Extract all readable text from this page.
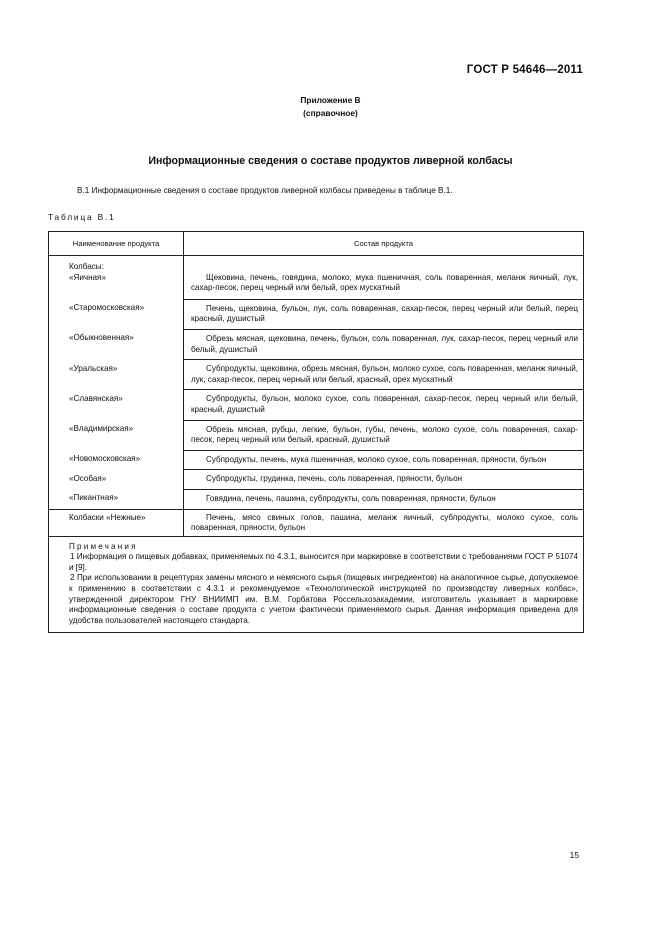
ГОСТ Р 54646—2011
Приложение В
(справочное)
Информационные сведения о составе продуктов ливерной колбасы
В.1 Информационные сведения о составе продуктов ливерной колбасы приведены в таблице В.1.
Таблица В.1
Наименование продукта	Состав продукта
Колбасы:	
«Яичная»	Щековина, печень, говядина, молоко, мука пшеничная, соль поваренная, меланж яичный, лук, сахар-песок, перец черный или белый, орех мускатный
«Старомосковская»	Печень, щековина, бульон, лук, соль поваренная, сахар-песок, перец черный или белый, перец красный, душистый
«Обыкновенная»	Обрезь мясная, щековина, печень, бульон, соль поваренная, лук, сахар-песок, перец черный или белый, душистый
«Уральская»	Субпродукты, щековина, обрезь мясная, бульон, молоко сухое, соль поваренная, меланж яичный, лук, сахар-песок, перец черный или белый, красный, орех мускатный
«Славянская»	Субпродукты, бульон, молоко сухое, соль поваренная, сахар-песок, перец черный или белый, красный, душистый
«Владимирская»	Обрезь мясная, рубцы, легкие, бульон, губы, печень, молоко сухое, соль поваренная, сахар-песок, перец черный или белый, красный, душистый
«Новомосковская»	Субпродукты, печень, мука пшеничная, молоко сухое, соль поваренная, пряности, бульон
«Особая»	Субпродукты, грудинка, печень, соль поваренная, пряности, бульон
«Пикантная»	Говядина, печень, пашина, субпродукты, соль поваренная, пряности, бульон
Колбаски «Нежные»	Печень, мясо свиных голов, пашина, меланж яичный, субпродукты, молоко сухое, соль поваренная, пряности, бульон

Примечания
1 Информация о пищевых добавках, применяемых по 4.3.1, выносится при маркировке в соответствии с требованиями ГОСТ Р 51074 и [9].
2 При использовании в рецептурах замены мясного и немясного сырья (пищевых ингредиентов) на аналогичное сырье, допускаемое к применению в соответствии с 4.3.1 и рекомендуемое «Технологической инструкцией по производству ливерных колбас», утвержденной директором ГНУ ВНИИМП им. В.М. Горбатова Россельхозакадемии, изготовитель указывает в маркировке информационные сведения о составе продукта с учетом фактически применяемого сырья. Данная информация приведена для удобства пользователей настоящего стандарта.	
15
